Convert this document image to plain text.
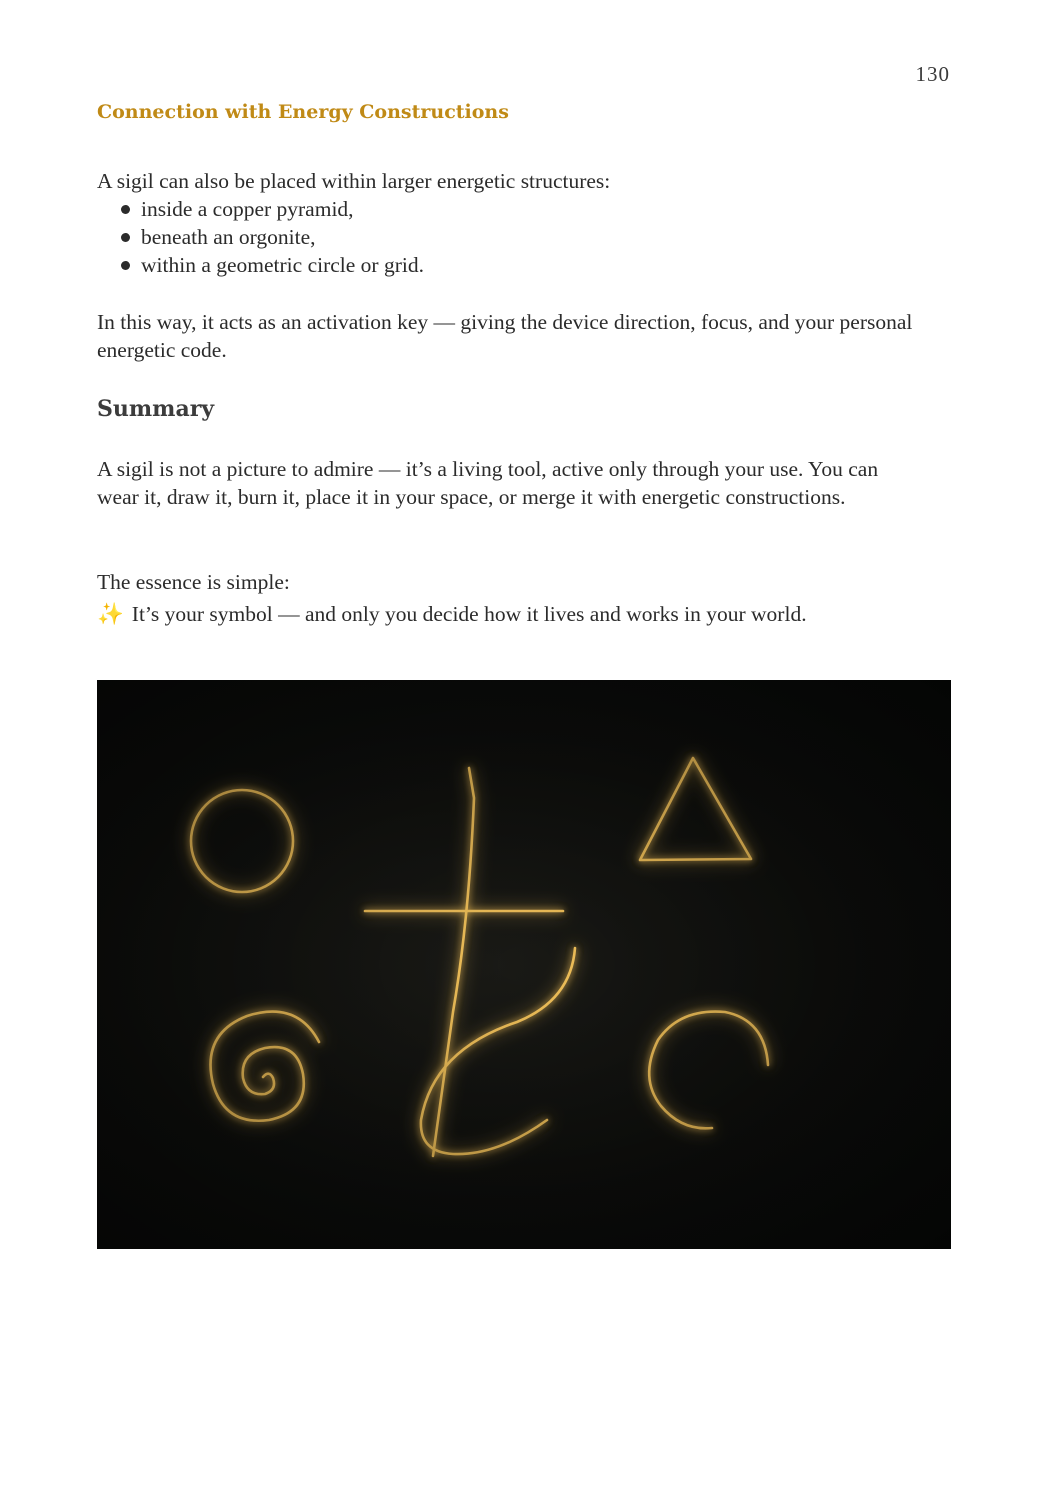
130
Connection with Energy Constructions

A sigil can also be placed within larger energetic structures:

inside a copper pyramid,
beneath an orgonite,
within a geometric circle or grid.

In this way, it acts as an activation key — giving the device direction, focus, and your personal energetic code.

Summary

A sigil is not a picture to admire — it’s a living tool, active only through your use. You can wear it, draw it, burn it, place it in your space, or merge it with energetic constructions.

The essence is simple:

✨ It’s your symbol — and only you decide how it lives and works in your world.
